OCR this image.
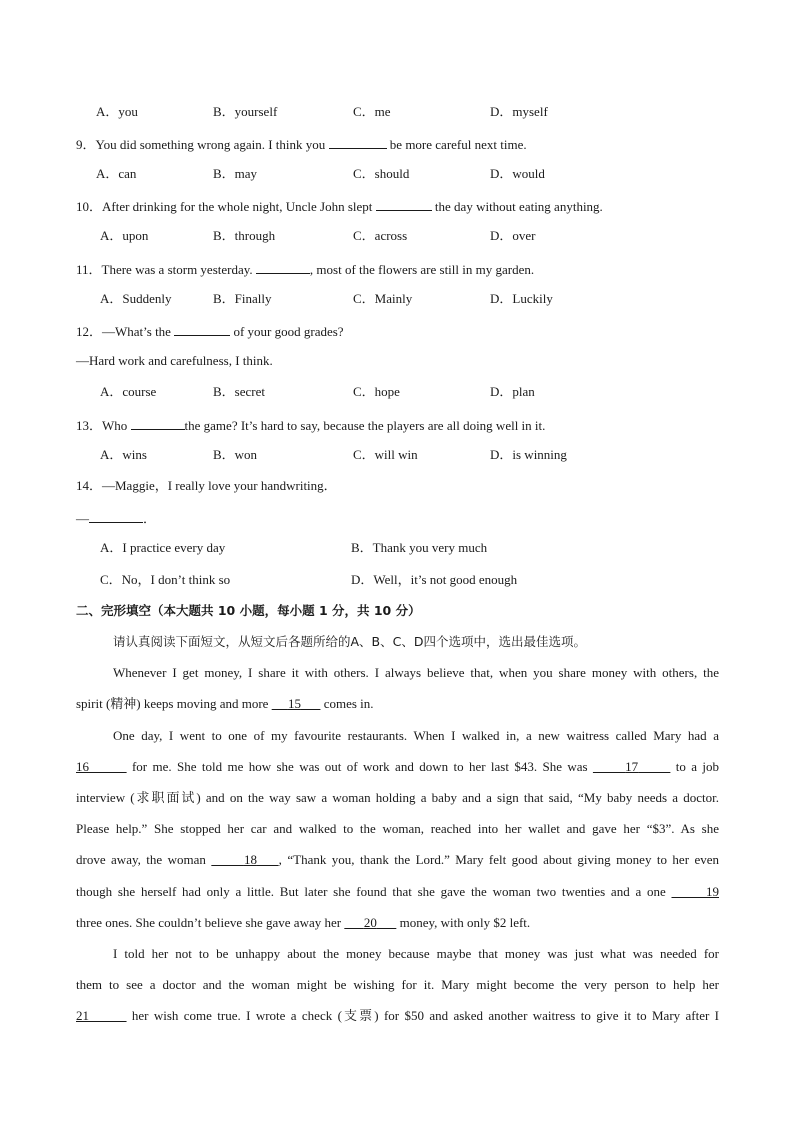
A．you	B．yourself	C．me	D．myself
9．You did something wrong again. I think you	be more careful next time.
A．can	B．may	C．should	D．would
10．After drinking for the whole night, Uncle John slept	the day without eating anything.
A．upon	B．through	C．across	D．over
11．There was a storm yesterday.	, most of the flowers are still in my garden.
A．Suddenly	B．Finally	C．Mainly	D．Luckily
12．—What’s the	of your good grades?
—Hard work and carefulness, I think.
A．course	B．secret	C．hope	D．plan
13．Who	the game? It’s hard to say, because the players are all doing well in it.
A．wins	B．won	C．will win	D．is winning
14．—Maggie，I really love your handwriting．
—	．
A．I practice every day	B．Thank you very much
C．No，I don’t think so	D．Well，it’s not good enough
二、完形填空（本大题共 10 小题，每小题 1 分，共 10 分）
请认真阅读下面短文，从短文后各题所给的A、B、C、D四个选项中，选出最佳选项。
Whenever I get money, I share it with others. I always believe that, when you share money with others, the
spirit (精神) keeps moving and more      15       comes in.
One day, I went to one of my favourite restaurants. When I walked in, a new waitress called Mary had a
16	for me. She told me how she was out of work and down to her last $43. She was       17       to a job
interview (求职面试) and on the way saw a woman holding a baby and a sign that said, “My baby needs a doctor.
Please help.” She stopped her car and walked to the woman, reached into her wallet and gave her “$3”. As she
drove away, the woman	18 , “Thank you, thank the Lord.” Mary felt good about giving money to her even
though she herself had only a little. But later she found that she gave the woman two twenties and a one	19
three ones. She couldn’t believe she gave away her       20       money, with only $2 left.
I told her not to be unhappy about the money because maybe that money was just what was needed for
them to see a doctor and the woman might be wishing for it. Mary might become the very person to help her
21	her wish come true. I wrote a check (支票) for $50 and asked another waitress to give it to Mary after I
